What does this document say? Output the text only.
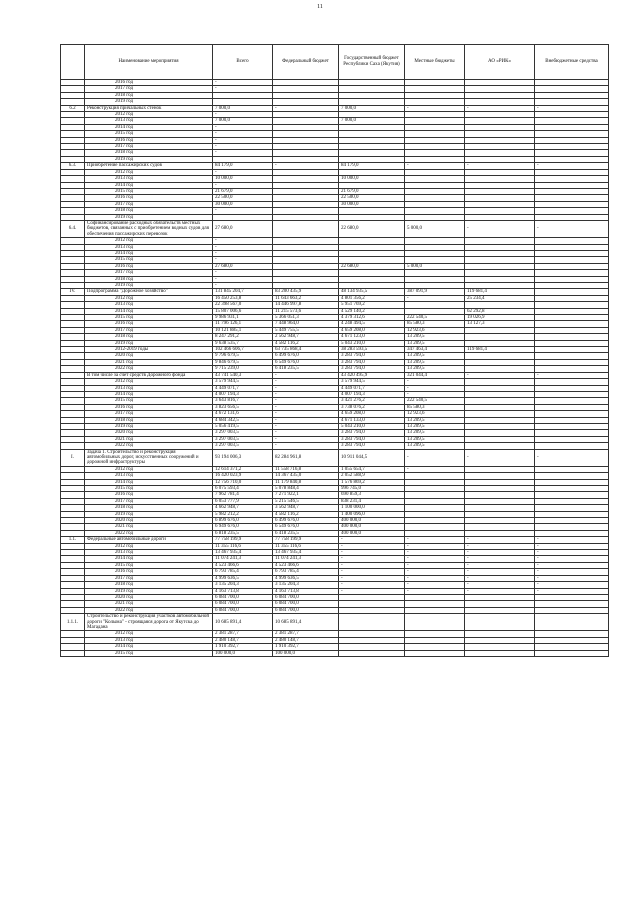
11
	Наименование мероприятия	Всего	Федеральный бюджет	Государственный бюджет Республики Саха (Якутия)	Местные бюджеты	АО «РИК»	Внебюджетные средства
	2016 год	-					
	2017 год	-					
	2018 год						
	2019 год						
6.2	Реконструкция причальных стенок	7 000,0	-	7 000,0	-	-	-
	2012 год	-					
	2013 год	7 000,0		7 000,0			
	2014 год	-					
	2015 год	-					
	2016 год	-					
	2017 год	-					
	2018 год	-					
	2019 год						
6.3.	Приобретение пассажирских судов	84 179,0	-	84 179,0	-	-	-
	2012 год	-					
	2013 год	10 000,0		10 000,0			
	2014 год	-					
	2015 год	21 679,0		21 679,0			
	2016 год	22 500,0		22 500,0			
	2017 год	30 000,0		30 000,0			
	2018 год	-					
	2019 год						
6.4.	Софинансирование расходных обязательств местных бюджетов, связанных с приобретением водных судов для обеспечения пассажирских перевозок	27 680,0		22 680,0	5 000,0	-	-
	2012 год	-					
	2013 год	-					
	2014 год	-					
	2015 год	-					
	2016 год	27 680,0		22 680,0	5 000,0		
	2017 год	-					
	2018 год	-					
	2019 год	-					
IV.	Подпрограмма "Дорожное хозяйство"	131 845 204,7	83 200 435,9	48 134 935,5	387 091,9	119 681,4	
	2012 год	16 450 253,8	11 643 663,2	4 801 356,2	-	25 234,4	
	2013 год	22 398 567,0	14 446 997,8	5 951 769,2			
	2014 год	15 807 006,6	11 215 573,6	4 529 140,2		62 292,8	
	2015 год	9 986 931,1	5 366 051,3	4 379 312,6	222 540,5	19 026,9	
	2016 год	11 796 126,1	7 448 964,0	4 248 494,5	85 580,3	13 127,3	
	2017 год	10 121 885,1	5 449 755,5	4 659 208,0	12 923,6		
	2018 год	8 247 291,2	2 562 948,7	4 671 123,0	13 209,5		
	2019 год	9 638 535,7	4 582 116,2	5 043 210,0	13 209,5		
	2012-2019 годы	102 466 606,7	63 735 868,4	38 283 593,5	347 463,4	119 681,4	
	2020 год	9 796 679,5	6 499 676,0	3 283 794,0	13 209,5		
	2021 год	9 846 679,5	6 549 676,0	3 283 794,0	13 209,5		
	2022 год	9 715 239,0	6 418 235,5	3 283 794,0	13 209,5		
	В том числе за счет средств Дорожного фонда	43 741 540,3	-	43 420 495,9	321 044,4	-	-
	2012 год	3 579 944,5	-	3 579 944,5	-		
	2013 год	4 449 071,7	-	4 449 071,7	-		
	2014 год	4 007 194,3	-	4 007 194,3	-		
	2015 год	3 643 816,7	-	3 421 276,2	222 540,5		
	2016 год	3 823 656,5	-	3 738 076,2	85 580,3		
	2017 год	4 672 131,6	-	4 659 208,0	12 923,6		
	2018 год	4 684 342,5	-	4 671 133,0	13 209,5		
	2019 год	5 056 419,5	-	5 043 210,0	13 209,5		
	2020 год	3 297 003,5	-	3 283 794,0	13 209,5		
	2021 год	3 297 003,5	-	3 283 794,0	13 209,5		
	2022 год	3 297 003,5	-	3 283 794,0	13 209,5		
I.	Задача 1. Строительство и реконструкция автомобильных дорог, искусственных сооружений и дорожной инфраструктуры	93 194 006,3	82 284 961,8	10 911 044,5	-	-	-
	2012 год	12 614 371,2	11 558 716,8	1 055 654,7	-		
	2013 год	16 420 023,9	14 367 435,0	2 052 588,9			
	2014 год	12 756 710,0	11 179 840,8	1 576 869,2			
	2015 год	6 075 593,4	5 078 848,4	996 745,0			
	2016 год	7 962 781,4	7 271 922,1	690 859,3			
	2017 год	6 053 777,9	5 215 546,5	838 231,4			
	2018 год	4 662 948,7	3 562 948,7	1 100 000,0			
	2019 год	5 982 212,2	4 582 116,2	1 400 096,0			
	2020 год	6 899 676,0	6 499 676,0	400 000,0			
	2021 год	6 949 676,0	6 549 676,0	400 000,0			
	2022 год	6 818 235,5	6 418 235,5	400 000,0			
1.1.	Федеральные автомобильные дороги	77 758 199,9	77 758 199,9	-	-	-	-
	2012 год	11 355 116,6	11 355 116,6	-	-	-	-
	2013 год	13 467 935,4	13 467 935,4	-	-	-	-
	2014 год	11 074 241,3	11 074 241,3	-	-	-	-
	2015 год	4 523 466,6	4 523 466,6	-	-	-	-
	2016 год	6 793 785,4	6 793 785,4	-	-	-	-
	2017 год	4 999 636,5	4 999 636,5	-	-	-	-
	2018 год	3 135 204,3	3 135 204,3	-	-	-	-
	2019 год	4 163 713,8	4 163 713,8	-	-	-	-
	2020 год	6 084 700,0	6 084 700,0				
	2021 год	6 084 700,0	6 084 700,0				
	2022 год	6 084 700,0	6 084 700,0				
1.1.1.	Строительство и реконструкция участков автомобильной дороги "Колыма" - строящаяся дорога от Якутска до Магадана	10 685 891,4	10 685 891,4				
	2012 год	2 381 287,7	2 381 287,7				
	2013 год	2 480 148,7	2 480 148,7				
	2014 год	1 910 392,7	1 910 392,7				
	2015 год	100 000,0	100 000,0				
